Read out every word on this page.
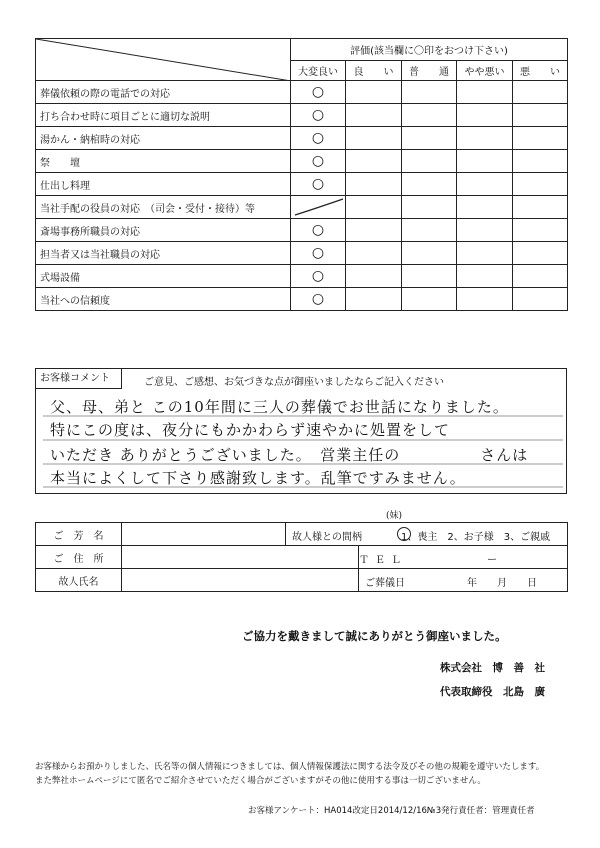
	評価(該当欄に〇印をおつけ下さい)				
	大変良い	良　　い	普　　通	やや悪い	悪　　い
葬儀依頼の際の電話での対応	○				
打ち合わせ時に項目ごとに適切な説明	○				
湯かん・納棺時の対応	○				
祭　　壇	○				
仕出し料理	○				
当社手配の役員の対応　（司会・受付・接待）等	

斎場事務所職員の対応	○				
担当者又は当社職員の対応	○				
式場設備	○				
当社への信頼度	○				
お客様コメント	ご意見、ご感想、お気づきな点が御座いましたならご記入ください
父、母、弟と この10年間に三人の葬儀でお世話になりました。
特にこの度は、夜分にもかかわらず速やかに処置をして
いただき ありがとうございました。　営業主任の　　　　　さんは
本当によくして下さり感謝致します。乱筆ですみません。
(妹)
ご　芳　名		故人様との間柄 1、喪主　2、お子様　3、ご親戚	

ご　住　所			ＴＥＬ ー

故人氏名			ご葬儀日 年　　月　　日
ご協力を戴きまして誠にありがとう御座いました。
株式会社　博　善　社
代表取締役　北島　廣
お客様からお預かりしました、氏名等の個人情報につきましては、個人情報保護法に関する法令及びその他の規範を遵守いたします。
また弊社ホームページにて匿名でご紹介させていただく場合がございますがその他に使用する事は一切ございません。
お客様アンケート：HA014改定日2014/12/16№3発行責任者：管理責任者
